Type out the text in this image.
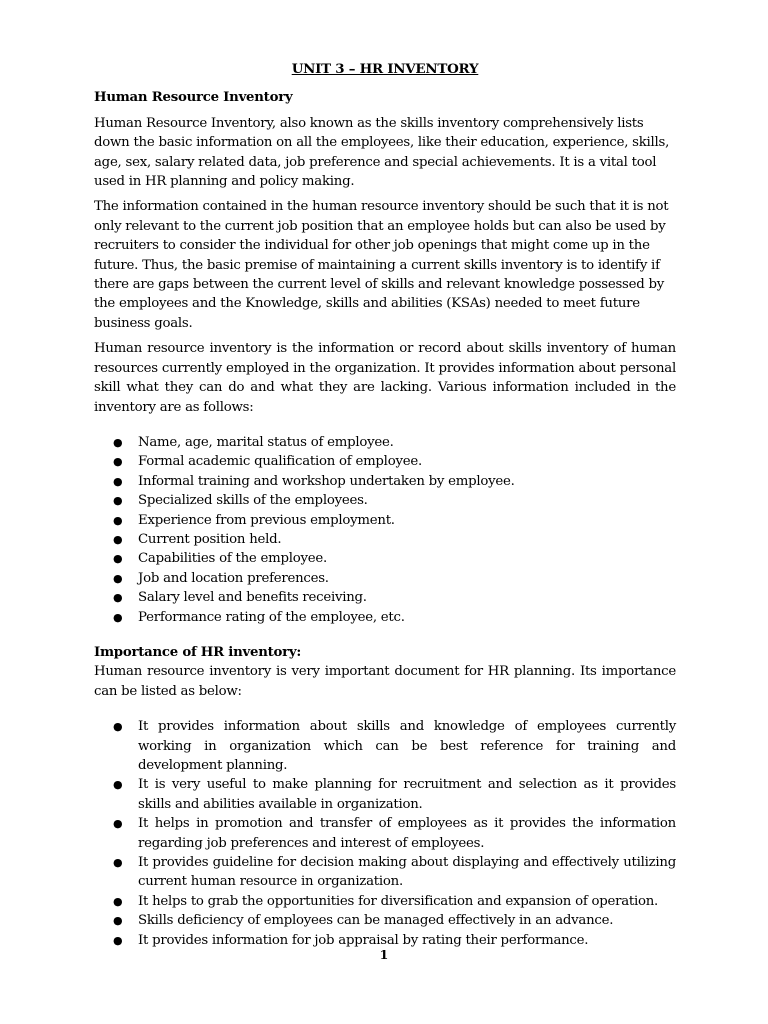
UNIT 3 – HR INVENTORY
Human Resource Inventory

Human Resource Inventory, also known as the skills inventory comprehensively lists down the basic information on all the employees, like their education, experience, skills, age, sex, salary related data, job preference and special achievements. It is a vital tool used in HR planning and policy making.

The information contained in the human resource inventory should be such that it is not only relevant to the current job position that an employee holds but can also be used by recruiters to consider the individual for other job openings that might come up in the future. Thus, the basic premise of maintaining a current skills inventory is to identify if there are gaps between the current level of skills and relevant knowledge possessed by the employees and the Knowledge, skills and abilities (KSAs) needed to meet future business goals.

Human resource inventory is the information or record about skills inventory of human resources currently employed in the organization. It provides information about personal skill what they can do and what they are lacking. Various information included in the inventory are as follows:

● Name, age, marital status of employee.
● Formal academic qualification of employee.
● Informal training and workshop undertaken by employee.
● Specialized skills of the employees.
● Experience from previous employment.
● Current position held.
● Capabilities of the employee.
● Job and location preferences.
● Salary level and benefits receiving.
● Performance rating of the employee, etc.
Importance of HR inventory:

Human resource inventory is very important document for HR planning. Its importance can be listed as below:

● It provides information about skills and knowledge of employees currently working in organization which can be best reference for training and development planning.
● It is very useful to make planning for recruitment and selection as it provides skills and abilities available in organization.
● It helps in promotion and transfer of employees as it provides the information regarding job preferences and interest of employees.
● It provides guideline for decision making about displaying and effectively utilizing current human resource in organization.
● It helps to grab the opportunities for diversification and expansion of operation.
● Skills deficiency of employees can be managed effectively in an advance.
● It provides information for job appraisal by rating their performance.
1
